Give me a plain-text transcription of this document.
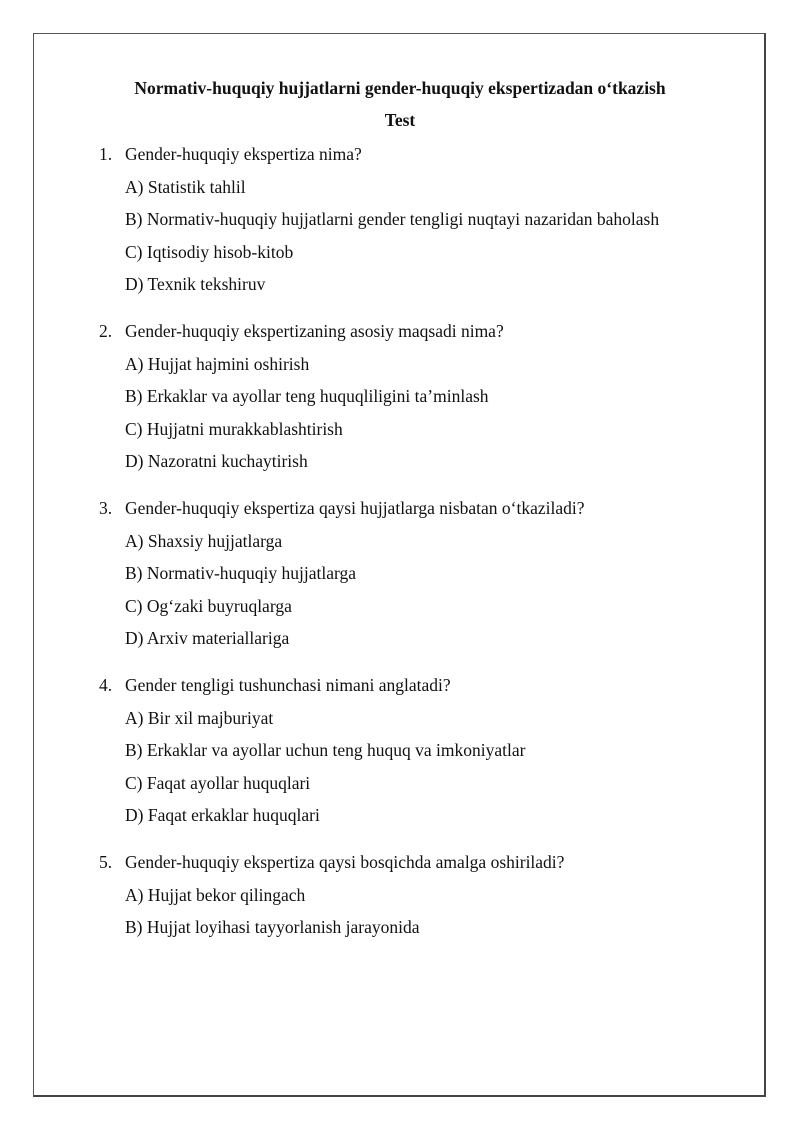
Normativ-huquqiy hujjatlarni gender-huquqiy ekspertizadan o‘tkazish
Test
1. Gender-huquqiy ekspertiza nima?
A) Statistik tahlil
B) Normativ-huquqiy hujjatlarni gender tengligi nuqtayi nazaridan baholash
C) Iqtisodiy hisob-kitob
D) Texnik tekshiruv
2. Gender-huquqiy ekspertizaning asosiy maqsadi nima?
A) Hujjat hajmini oshirish
B) Erkaklar va ayollar teng huquqliligini ta’minlash
C) Hujjatni murakkablashtirish
D) Nazoratni kuchaytirish
3. Gender-huquqiy ekspertiza qaysi hujjatlarga nisbatan o‘tkaziladi?
A) Shaxsiy hujjatlarga
B) Normativ-huquqiy hujjatlarga
C) Og‘zaki buyruqlarga
D) Arxiv materiallariga
4. Gender tengligi tushunchasi nimani anglatadi?
A) Bir xil majburiyat
B) Erkaklar va ayollar uchun teng huquq va imkoniyatlar
C) Faqat ayollar huquqlari
D) Faqat erkaklar huquqlari
5. Gender-huquqiy ekspertiza qaysi bosqichda amalga oshiriladi?
A) Hujjat bekor qilingach
B) Hujjat loyihasi tayyorlanish jarayonida
